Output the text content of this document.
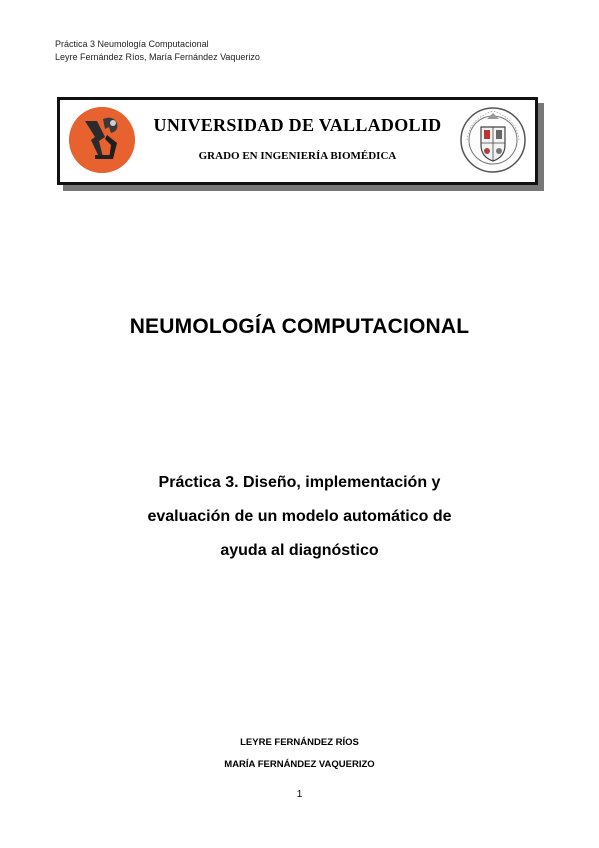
Práctica 3 Neumología Computacional
Leyre Fernández Ríos, María Fernández Vaquerizo
UNIVERSIDAD DE VALLADOLID
GRADO EN INGENIERÍA BIOMÉDICA
NEUMOLOGÍA COMPUTACIONAL
Práctica 3. Diseño, implementación y
evaluación de un modelo automático de
ayuda al diagnóstico
LEYRE FERNÁNDEZ RÍOS
MARÍA FERNÁNDEZ VAQUERIZO
1
